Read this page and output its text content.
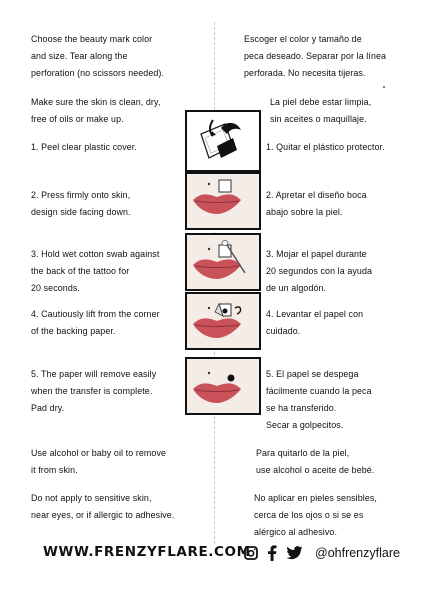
Choose the beauty mark color
and size. Tear along the
perforation (no scissors needed).
Escoger el color y tamaño de
peca deseado. Separar por la línea
perforada. No necesita tijeras.
Make sure the skin is clean, dry,
free of oils or make up.
La piel debe estar limpia,
sin aceites o maquillaje.
1. Peel clear plastic cover.	1. Quitar el plástico protector.
2. Press firmly onto skin,
design side facing down.
2. Apretar el diseño boca
abajo sobre la piel.
3. Hold wet cotton swab against
the back of the tattoo for
20 seconds.
3. Mojar el papel durante
20 segundos con la ayuda
de un algodón.
4. Cautiously lift from the corner
of the backing paper.
4. Levantar el papel con
cuidado.
5. The paper will remove easily
when the transfer is complete.
Pad dry.
5. El papel se despega
fácilmente cuando la peca
se ha transferido.
Secar a golpecitos.
Use alcohol or baby oil to remove
it from skin.
Para quitarlo de la piel,
use alcohol o aceite de bebé.
Do not apply to sensitive skin,
near eyes, or if allergic to adhesive.
No aplicar en pieles sensibles,
cerca de los ojos o si se es
alérgico al adhesivo.
WWW.FRENZYFLARE.COM	@ohfrenzyflare
